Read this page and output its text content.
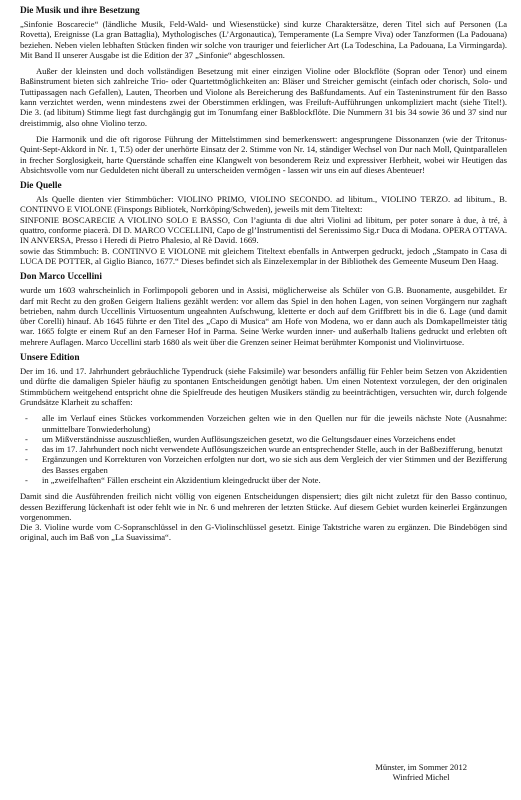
Die Musik und ihre Besetzung

„Sinfonie Boscarecie“ (ländliche Musik, Feld-Wald- und Wiesenstücke) sind kurze Charaktersätze, deren Titel sich auf Personen (La Rovetta), Ereignisse (La gran Battaglia), Mythologisches (L’Argonautica), Temperamente (La Sempre Viva) oder Tanzformen (La Padouana) beziehen. Neben vielen lebhaften Stücken finden wir solche von trauriger und feierlicher Art (La Todeschina, La Padouana, La Virmingarda). Mit Band II unserer Ausgabe ist die Edition der 37 „Sinfonie“ abgeschlossen.

Außer der kleinsten und doch vollständigen Besetzung mit einer einzigen Violine oder Blockflöte (Sopran oder Tenor) und einem Baßinstrument bieten sich zahlreiche Trio- oder Quartettmöglichkeiten an: Bläser und Streicher gemischt (einfach oder chorisch, Solo- und Tuttipassagen nach Gefallen), Lauten, Theorben und Violone als Bereicherung des Baßfundaments. Auf ein Tasteninstrument für den Basso kann verzichtet werden, wenn mindestens zwei der Oberstimmen erklingen, was Freiluft-Aufführungen unkompliziert macht (siehe Titel!). Die 3. (ad libitum) Stimme liegt fast durchgängig gut im Tonumfang einer Baßblockflöte. Die Nummern 31 bis 34 sowie 36 und 37 sind nur dreistimmig, also ohne Violino terzo.

Die Harmonik und die oft rigorose Führung der Mittelstimmen sind bemerkenswert: angesprungene Dissonanzen (wie der Tritonus-Quint-Sept-Akkord in Nr. 1, T.5) oder der unerhörte Einsatz der 2. Stimme von Nr. 14, ständiger Wechsel von Dur nach Moll, Quintparallelen in frecher Sorglosigkeit, harte Querstände schaffen eine Klangwelt von besonderem Reiz und expressiver Herbheit, wobei wir Heutigen das Absichtsvolle vom nur Geduldeten nicht überall zu unterscheiden vermögen - lassen wir uns ein auf dieses Abenteuer!

Die Quelle

Als Quelle dienten vier Stimmbücher: VIOLINO PRIMO, VIOLINO SECONDO. ad libitum., VIOLINO TERZO. ad libitum., B. CONTINVO E VIOLONE (Finspongs Bibliotek, Norrköping/Schweden), jeweils mit dem Titeltext:

SINFONIE BOSCARECIE A VIOLINO SOLO E BASSO, Con l’agiunta di due altri Violini ad libitum, per poter sonare à due, à tré, à quattro, conforme piacerà. DI D. MARCO VCCELLINI, Capo de gl’Instrumentisti del Serenissimo Sig.r Duca di Modana. OPERA OTTAVA. IN ANVERSA, Presso i Heredi di Pietro Phalesio, al Rè David. 1669.

sowie das Stimmbuch: B. CONTINVO E VIOLONE mit gleichem Titeltext ebenfalls in Antwerpen gedruckt, jedoch „Stampato in Casa di LUCA DE POTTER, al Giglio Bianco, 1677.“ Dieses befindet sich als Einzelexemplar in der Bibliothek des Gemeente Museum Den Haag.

Don Marco Uccellini

wurde um 1603 wahrscheinlich in Forlimpopoli geboren und in Assisi, möglicherweise als Schüler von G.B. Buonamente, ausgebildet. Er darf mit Recht zu den großen Geigern Italiens gezählt werden: vor allem das Spiel in den hohen Lagen, von seinen Vorgängern nur zaghaft betrieben, nahm durch Uccellinis Virtuosentum ungeahnten Aufschwung, kletterte er doch auf dem Griffbrett bis in die 6. Lage (und damit über Corelli) hinauf. Ab 1645 führte er den Titel des „Capo di Musica“ am Hofe von Modena, wo er dann auch als Domkapellmeister tätig war. 1665 folgte er einem Ruf an den Farneser Hof in Parma. Seine Werke wurden inner- und außerhalb Italiens gedruckt und erlebten oft mehrere Auflagen. Marco Uccellini starb 1680 als weit über die Grenzen seiner Heimat berühmter Komponist und Violinvirtuose.

Unsere Edition

Der im 16. und 17. Jahrhundert gebräuchliche Typendruck (siehe Faksimile) war besonders anfällig für Fehler beim Setzen von Akzidentien und dürfte die damaligen Spieler häufig zu spontanen Entscheidungen genötigt haben. Um einen Notentext vorzulegen, der den originalen Stimmbüchern weitgehend entspricht ohne die Spielfreude des heutigen Musikers ständig zu beeinträchtigen, versuchten wir, durch folgende Grundsätze Klarheit zu schaffen:

- alle im Verlauf eines Stückes vorkommenden Vorzeichen gelten wie in den Quellen nur für die jeweils nächste Note (Ausnahme: unmittelbare Tonwiederholung)
- um Mißverständnisse auszuschließen, wurden Auflösungszeichen gesetzt, wo die Geltungsdauer eines Vorzeichens endet
- das im 17. Jahrhundert noch nicht verwendete Auflösungszeichen wurde an entsprechender Stelle, auch in der Baßbezifferung, benutzt
- Ergänzungen und Korrekturen von Vorzeichen erfolgten nur dort, wo sie sich aus dem Vergleich der vier Stimmen und der Bezifferung des Basses ergaben
- in „zweifelhaften“ Fällen erscheint ein Akzidentium kleingedruckt über der Note.

Damit sind die Ausführenden freilich nicht völlig von eigenen Entscheidungen dispensiert; dies gilt nicht zuletzt für den Basso continuo, dessen Bezifferung lückenhaft ist oder fehlt wie in Nr. 6 und mehreren der letzten Stücke. Auf diesem Gebiet wurden keinerlei Ergänzungen vorgenommen.

Die 3. Violine wurde vom C-Sopranschlüssel in den G-Violinschlüssel gesetzt. Einige Taktstriche waren zu ergänzen. Die Bindebögen sind original, auch im Baß von „La Suavissima“.

Münster, im Sommer 2012
Winfried Michel
